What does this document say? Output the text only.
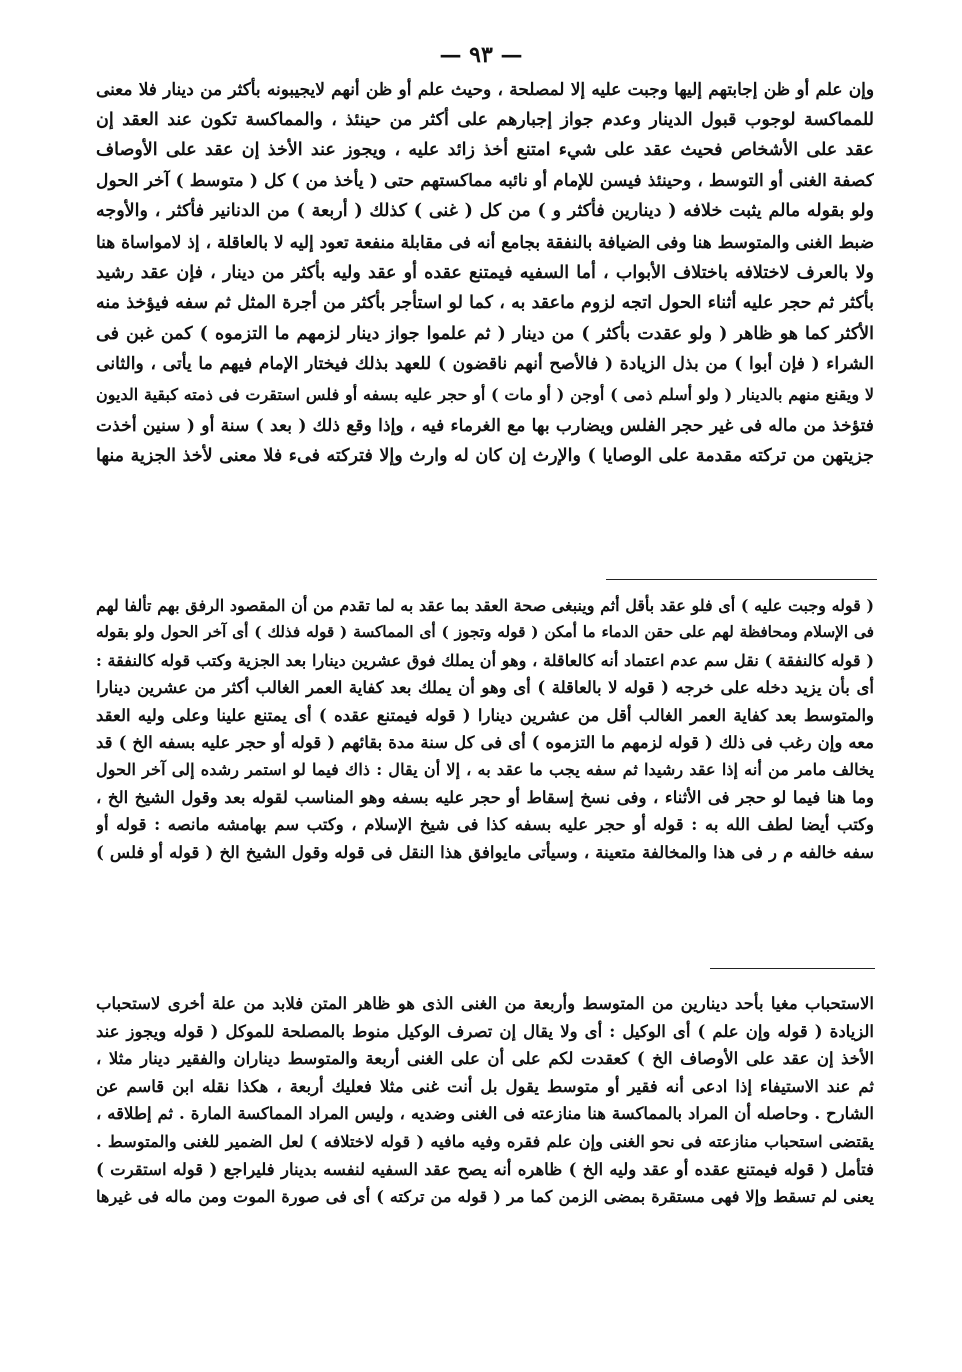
— ٩٣ —
وإن علم أو ظن إجابتهم إليها وجبت عليه إلا لمصلحة ، وحيث علم أو ظن أنهم لايجيبونه بأكثر من دينار فلا معنى
للمماكسة لوجوب قبول الدينار وعدم جواز إجبارهم على أكثر من حينئذ ، والمماكسة تكون عند العقد إن
عقد على الأشخاص فحيث عقد على شيء امتنع أخذ زائد عليه ، ويجوز عند الأخذ إن عقد على الأوصاف
كصفة الغنى أو التوسط ، وحينئذ فيسن للإمام أو نائبه مماكستهم حتى ( يأخذ من ) كل ( متوسط ) آخر الحول
ولو بقوله مالم يثبت خلافه ( دينارين فأكثر و ) من كل ( غنى ) كذلك ( أربعة ) من الدنانير فأكثر ، والأوجه
ضبط الغنى والمتوسط هنا وفى الضيافة بالنفقة بجامع أنه فى مقابلة منفعة تعود إليه لا بالعاقلة ، إذ لامواساة هنا
ولا بالعرف لاختلافه باختلاف الأبواب ، أما السفيه فيمتنع عقده أو عقد وليه بأكثر من دينار ، فإن عقد رشيد
بأكثر ثم حجر عليه أثناء الحول اتجه لزوم ماعقد به ، كما لو استأجر بأكثر من أجرة المثل ثم سفه فيؤخذ منه
الأكثر كما هو ظاهر ( ولو عقدت بأكثر ) من دينار ( ثم علموا جواز دينار لزمهم ما التزموه ) كمن غبن فى
الشراء ( فإن أبوا ) من بذل الزيادة ( فالأصح أنهم ناقضون ) للعهد بذلك فيختار الإمام فيهم ما يأتى ، والثانى
لا ويقنع منهم بالدينار ( ولو أسلم ذمى ) أوجن ( أو مات ) أو حجر عليه بسفه أو فلس استقرت فى ذمته كبقية الديون
فتؤخذ من ماله فى غير حجر الفلس ويضارب بها مع الغرماء فيه ، وإذا وقع ذلك ( بعد ) سنة أو ( سنين أخذت
جزيتهن من تركته مقدمة على الوصايا ) والإرث إن كان له وارث وإلا فتركته فىء فلا معنى لأخذ الجزية منها
( قوله وجبت عليه ) أى فلو عقد بأقل أثم وينبغى صحة العقد بما عقد به لما تقدم من أن المقصود الرفق بهم تألفا لهم
فى الإسلام ومحافظة لهم على حقن الدماء ما أمكن ( قوله وتجوز ) أى المماكسة ( قوله فذلك ) أى آخر الحول ولو بقوله
( قوله كالنفقة ) نقل سم عدم اعتماد أنه كالعاقلة ، وهو أن يملك فوق عشرين دينارا بعد الجزية وكتب قوله كالنفقة :
أى بأن يزيد دخله على خرجه ( قوله لا بالعاقلة ) أى وهو أن يملك بعد كفاية العمر الغالب أكثر من عشرين دينارا
والمتوسط بعد كفاية العمر الغالب أقل من عشرين دينارا ( قوله فيمتنع عقده ) أى يمتنع علينا وعلى وليه العقد
معه وإن رغب فى ذلك ( قوله لزمهم ما التزموه ) أى فى كل سنة مدة بقائهم ( قوله أو حجر عليه بسفه الخ ) قد
يخالف مامر من أنه إذا عقد رشيدا ثم سفه يجب ما عقد به ، إلا أن يقال : ذاك فيما لو استمر رشده إلى آخر الحول
وما هنا فيما لو حجر فى الأثناء ، وفى نسخ إسقاط أو حجر عليه بسفه وهو المناسب لقوله بعد وقول الشيخ الخ ،
وكتب أيضا لطف الله به : قوله أو حجر عليه بسفه كذا فى شيخ الإسلام ، وكتب سم بهامشه مانصه : قوله أو
سفه خالفه م ر فى هذا والمخالفة متعينة ، وسيأتى مايوافق هذا النقل فى قوله وقول الشيخ الخ ( قوله أو فلس )
الاستحباب مغيا بأحد دينارين من المتوسط وأربعة من الغنى الذى هو ظاهر المتن فلابد من علة أخرى لاستحباب
الزيادة ( قوله وإن علم ) أى الوكيل : أى ولا يقال إن تصرف الوكيل منوط بالمصلحة للموكل ( قوله ويجوز عند
الأخذ إن عقد على الأوصاف الخ ) كعقدت لكم على أن على الغنى أربعة والمتوسط ديناران والفقير دينار مثلا ،
ثم عند الاستيفاء إذا ادعى أنه فقير أو متوسط يقول بل أنت غنى مثلا فعليك أربعة ، هكذا نقله ابن قاسم عن
الشارح . وحاصله أن المراد بالمماكسة هنا منازعته فى الغنى وضديه ، وليس المراد المماكسة المارة . ثم إطلاقه ،
يقتضى استحباب منازعته فى نحو الغنى وإن علم فقره وفيه مافيه ( قوله لاختلافه ) لعل الضمير للغنى والمتوسط .
فتأمل ( قوله فيمتنع عقده أو عقد وليه الخ ) ظاهره أنه يصح عقد السفيه لنفسه بدينار فليراجع ( قوله استقرت )
يعنى لم تسقط وإلا فهى مستقرة بمضى الزمن كما مر ( قوله من تركته ) أى فى صورة الموت ومن ماله فى غيرها
